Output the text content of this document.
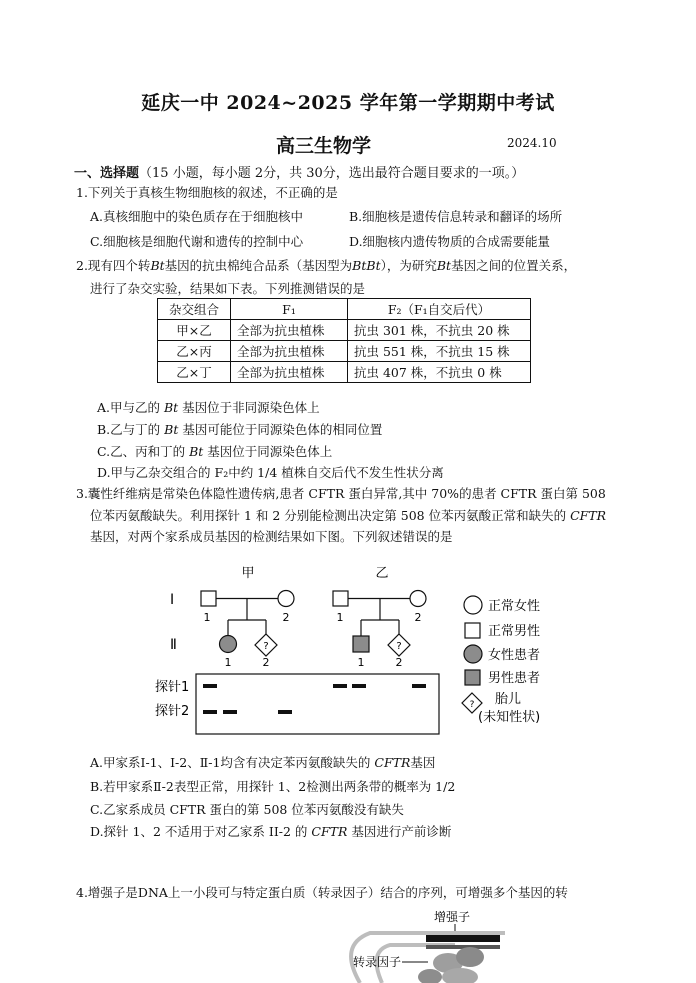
延庆一中 2024~2025 学年第一学期期中考试
高三生物学	2024.10
一、选择题（15 小题，每小题 2分，共 30分，选出最符合题目要求的一项。）
1.下列关于真核生物细胞核的叙述，不正确的是
A.真核细胞中的染色质存在于细胞核中	B.细胞核是遗传信息转录和翻译的场所
C.细胞核是细胞代谢和遗传的控制中心	D.细胞核内遗传物质的合成需要能量
2.现有四个转Bt基因的抗虫棉纯合品系（基因型为BtBt），为研究Bt基因之间的位置关系，
进行了杂交实验，结果如下表。下列推测错误的是
杂交组合	F₁	F₂（F₁自交后代）
甲×乙	全部为抗虫植株	抗虫 301 株，不抗虫 20 株
乙×丙	全部为抗虫植株	抗虫 551 株，不抗虫 15 株
乙×丁	全部为抗虫植株	抗虫 407 株，不抗虫 0 株
A.甲与乙的 Bt 基因位于非同源染色体上
B.乙与丁的 Bt 基因可能位于同源染色体的相同位置
C.乙、丙和丁的 Bt 基因位于同源染色体上
D.甲与乙杂交组合的 F₂中约 1/4 植株自交后代不发生性状分离
3.囊性纤维病是常染色体隐性遗传病,患者 CFTR 蛋白异常,其中 70%的患者 CFTR 蛋白第 508
位苯丙氨酸缺失。利用探针 1 和 2 分别能检测出决定第 508 位苯丙氨酸正常和缺失的 CFTR
基因，对两个家系成员基因的检测结果如下图。下列叙述错误的是
甲	乙
Ⅰ
Ⅱ	?
1	2
1	2
?
1	2
1	2
探针1
探针2
正常女性
正常男性
女性患者
男性患者
? 胎儿
(未知性状)
A.甲家系Ⅰ-1、Ⅰ-2、Ⅱ-1均含有决定苯丙氨酸缺失的 CFTR基因
B.若甲家系Ⅱ-2表型正常，用探针 1、2检测出两条带的概率为 1/2
C.乙家系成员 CFTR 蛋白的第 508 位苯丙氨酸没有缺失
D.探针 1、2 不适用于对乙家系 II-2 的 CFTR 基因进行产前诊断
4.增强子是DNA上一小段可与特定蛋白质（转录因子）结合的序列，可增强多个基因的转
增强子
转录因子
